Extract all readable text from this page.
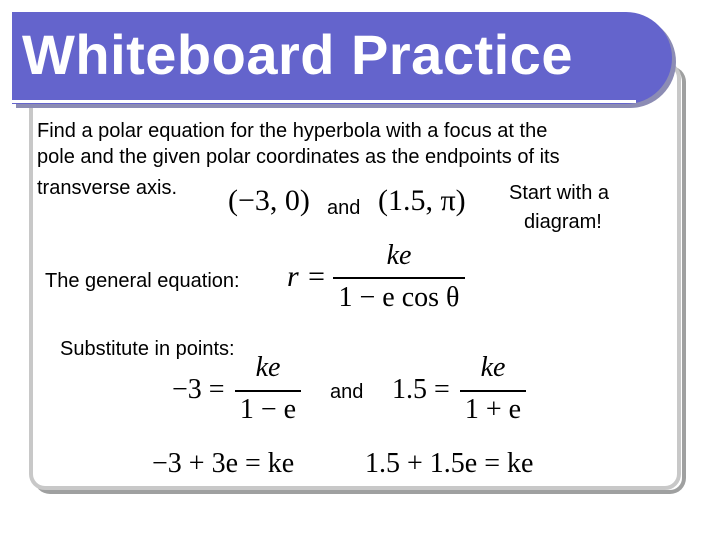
Whiteboard Practice
Find a polar equation for the hyperbola with a focus at the
pole and the given polar coordinates as the endpoints of its
transverse axis. (−3, 0) and (1.5, π) Start with a
diagram!
The general equation: r =
ke
1 − e cos θ
Substitute in points:
−3 =
ke
1 − e
and 1.5 =
ke
1 + e
−3 + 3e = ke	1.5 + 1.5e = ke
